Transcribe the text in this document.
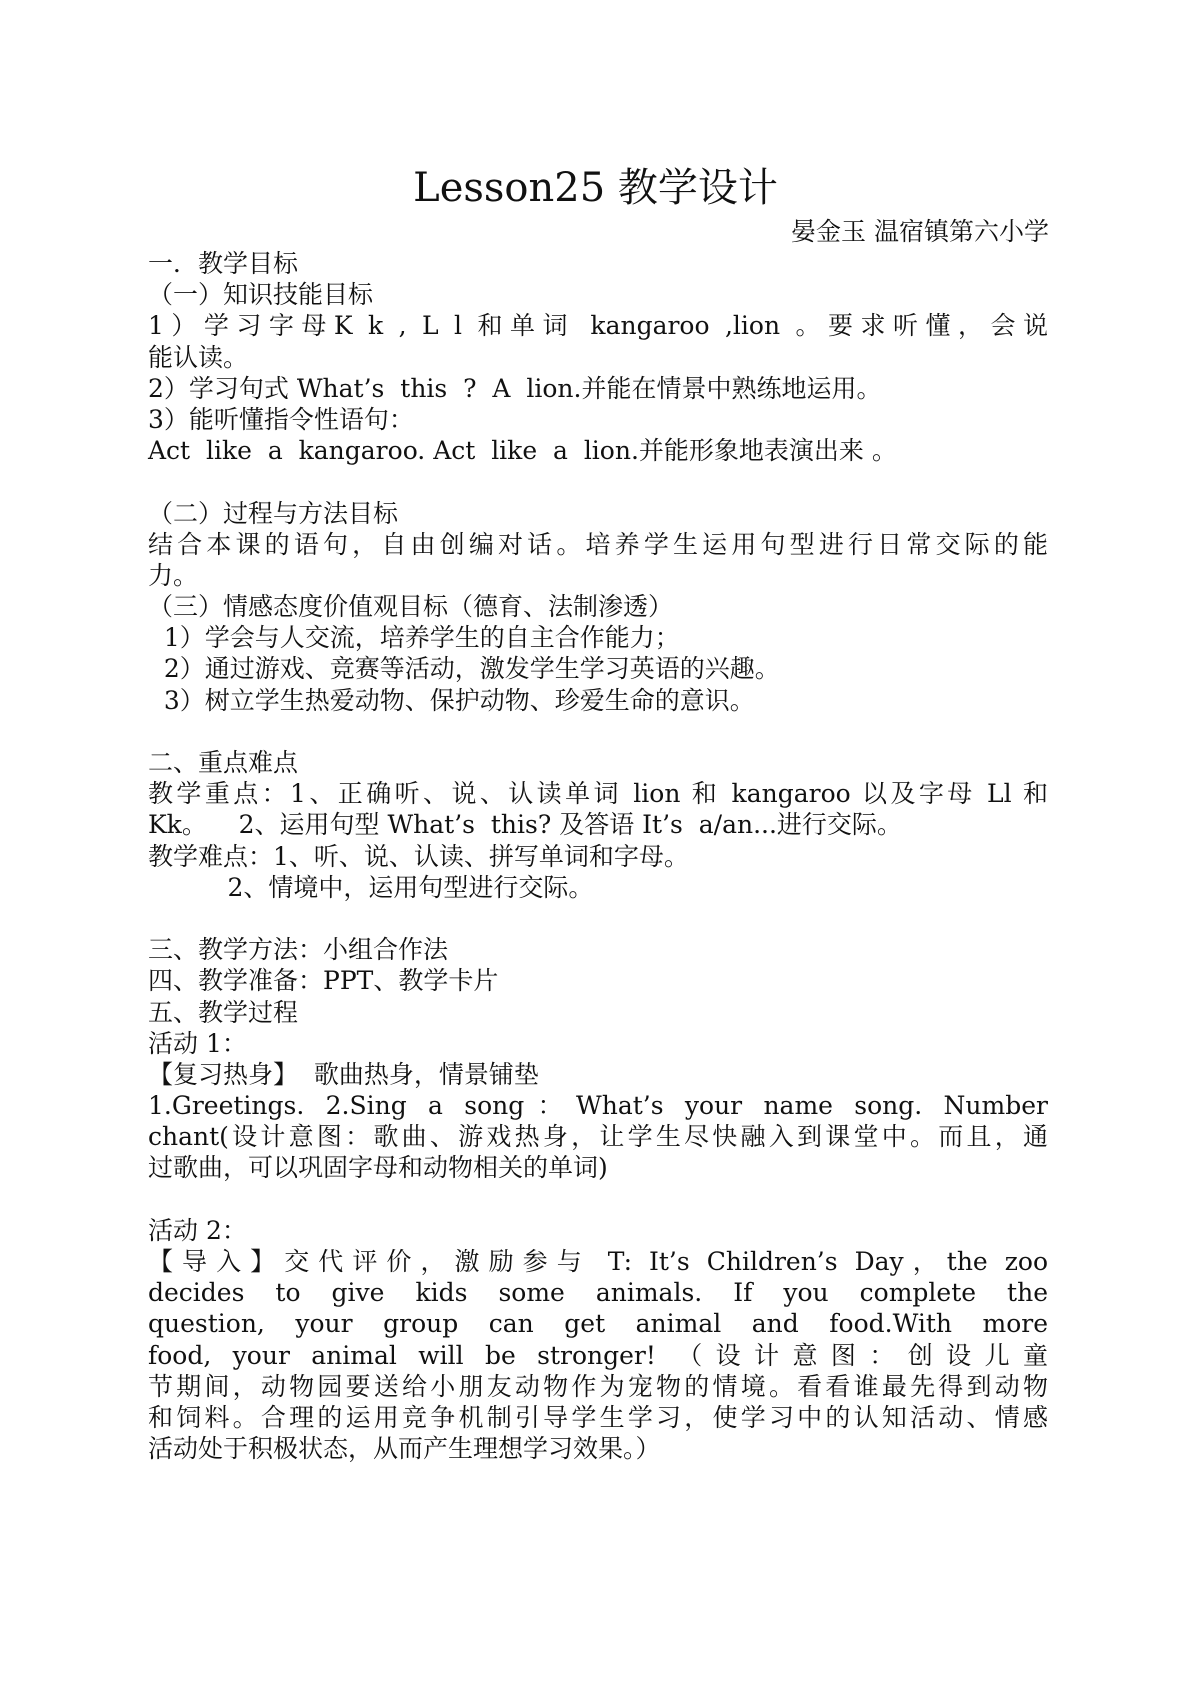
Lesson25 教学设计
晏金玉 温宿镇第六小学
一．教学目标
（一）知识技能目标
1）学习字母K k , L l 和单词 kangaroo ,lion 。要求听懂，会说
能认读。
2）学习句式 What’s  this  ?  A  lion.并能在情景中熟练地运用。
3）能听懂指令性语句：
Act  like  a  kangaroo. Act  like  a  lion.并能形象地表演出来 。
（二）过程与方法目标
结合本课的语句，自由创编对话。培养学生运用句型进行日常交际的能
力。
（三）情感态度价值观目标（德育、法制渗透）
1）学会与人交流，培养学生的自主合作能力；
2）通过游戏、竞赛等活动，激发学生学习英语的兴趣。
3）树立学生热爱动物、保护动物、珍爱生命的意识。
二、重点难点
教学重点：1、正确听、说、认读单词 lion 和 kangaroo 以及字母 Ll 和
Kk。    2、运用句型 What’s  this? 及答语 It’s  a/an...进行交际。
教学难点：1、听、说、认读、拼写单词和字母。
2、情境中，运用句型进行交际。
三、教学方法：小组合作法
四、教学准备：PPT、教学卡片
五、教学过程
活动 1：
【复习热身】  歌曲热身，情景铺垫
1.Greetings. 2.Sing a song：What’s your name song. Number
chant(设计意图：歌曲、游戏热身，让学生尽快融入到课堂中。而且，通
过歌曲，可以巩固字母和动物相关的单词)
活动 2：
【导入】交代评价，激励参与 T: It’s Children’s Day，the zoo
decides to give kids some animals. If you complete the
question, your group can get animal and food.With more
food, your animal will be stronger! （设计意图：创设儿童
节期间，动物园要送给小朋友动物作为宠物的情境。看看谁最先得到动物
和饲料。合理的运用竞争机制引导学生学习，使学习中的认知活动、情感
活动处于积极状态，从而产生理想学习效果。）
